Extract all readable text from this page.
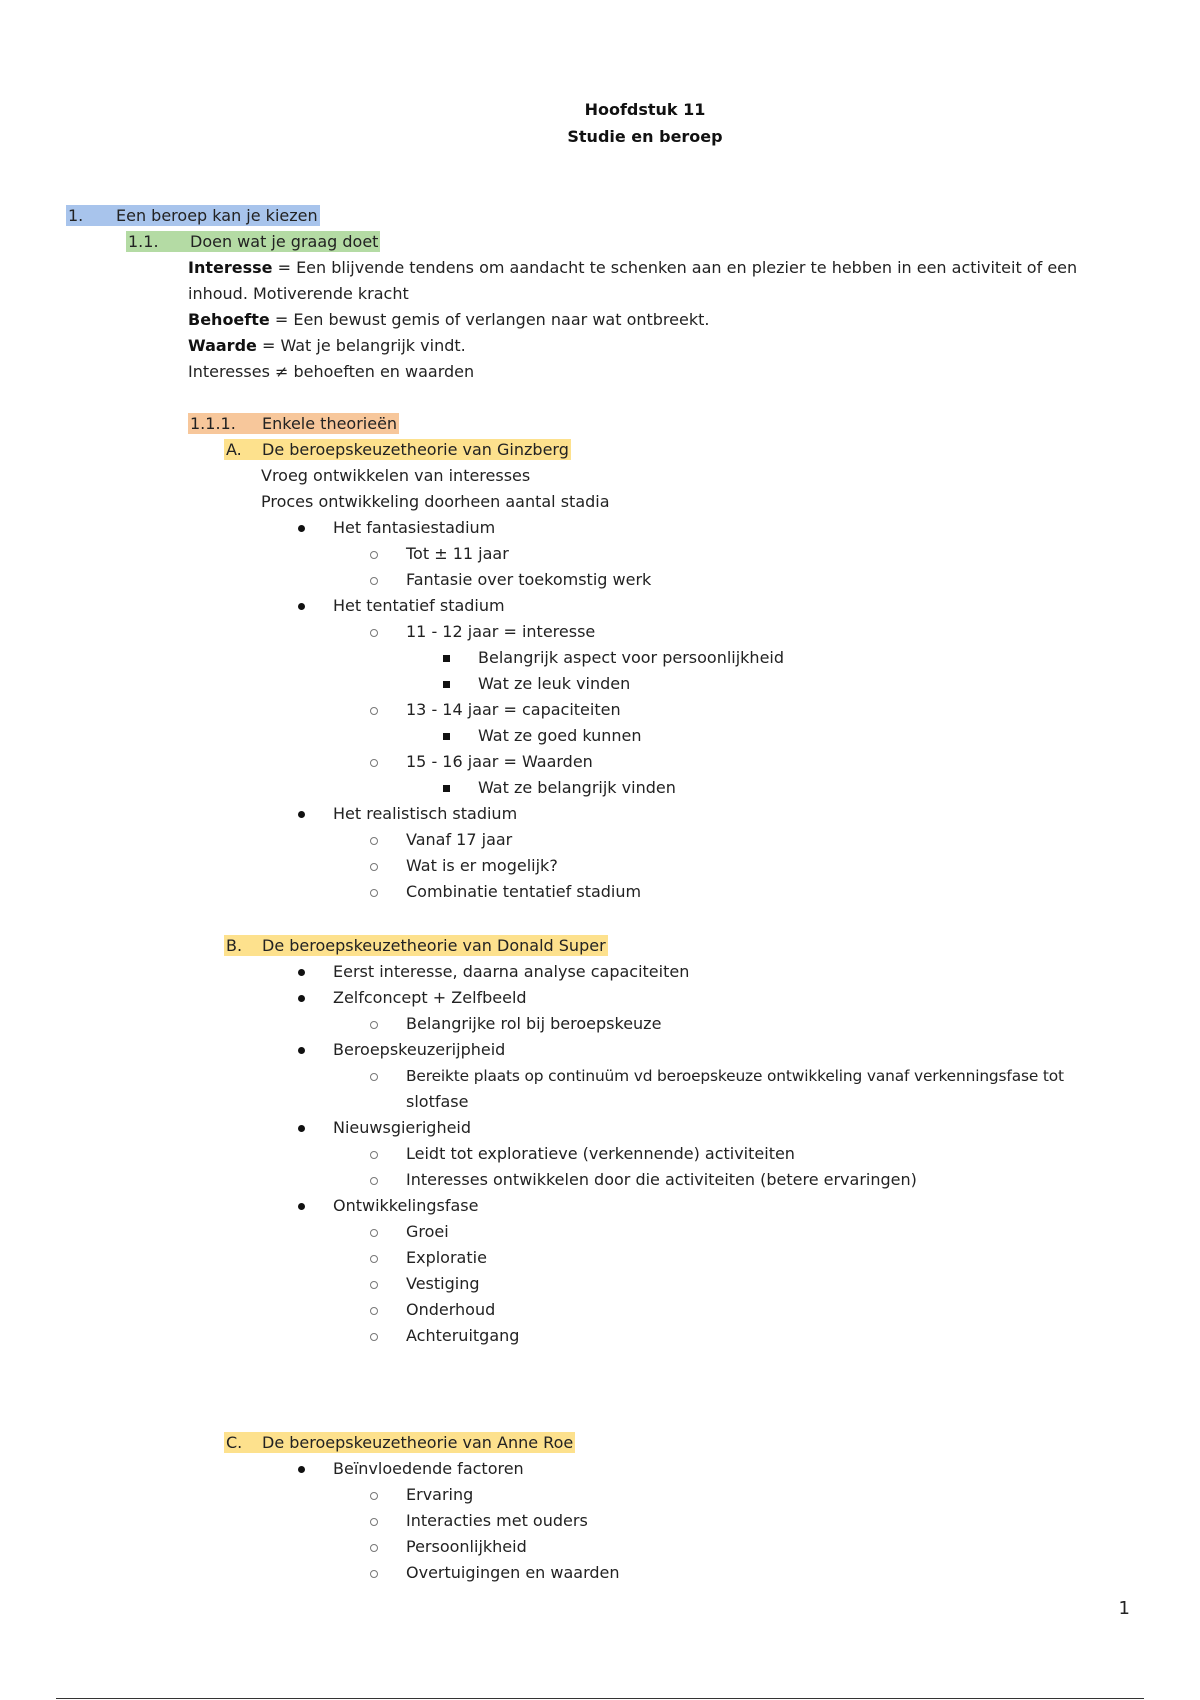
Hoofdstuk 11
Studie en beroep
1. Een beroep kan je kiezen
1.1. Doen wat je graag doet
Interesse = Een blijvende tendens om aandacht te schenken aan en plezier te hebben in een activiteit of een
inhoud. Motiverende kracht
Behoefte = Een bewust gemis of verlangen naar wat ontbreekt.
Waarde = Wat je belangrijk vindt.
Interesses ≠ behoeften en waarden
1.1.1. Enkele theorieën
A. De beroepskeuzetheorie van Ginzberg
Vroeg ontwikkelen van interesses
Proces ontwikkeling doorheen aantal stadia
Het fantasiestadium
Tot ± 11 jaar
Fantasie over toekomstig werk
Het tentatief stadium
11 - 12 jaar = interesse
Belangrijk aspect voor persoonlijkheid
Wat ze leuk vinden
13 - 14 jaar = capaciteiten
Wat ze goed kunnen
15 - 16 jaar = Waarden
Wat ze belangrijk vinden
Het realistisch stadium
Vanaf 17 jaar
Wat is er mogelijk?
Combinatie tentatief stadium
B. De beroepskeuzetheorie van Donald Super
Eerst interesse, daarna analyse capaciteiten
Zelfconcept + Zelfbeeld
Belangrijke rol bij beroepskeuze
Beroepskeuzerijpheid
Bereikte plaats op continuüm vd beroepskeuze ontwikkeling vanaf verkenningsfase tot
slotfase
Nieuwsgierigheid
Leidt tot exploratieve (verkennende) activiteiten
Interesses ontwikkelen door die activiteiten (betere ervaringen)
Ontwikkelingsfase
Groei
Exploratie
Vestiging
Onderhoud
Achteruitgang
C. De beroepskeuzetheorie van Anne Roe
Beïnvloedende factoren
Ervaring
Interacties met ouders
Persoonlijkheid
Overtuigingen en waarden
1
